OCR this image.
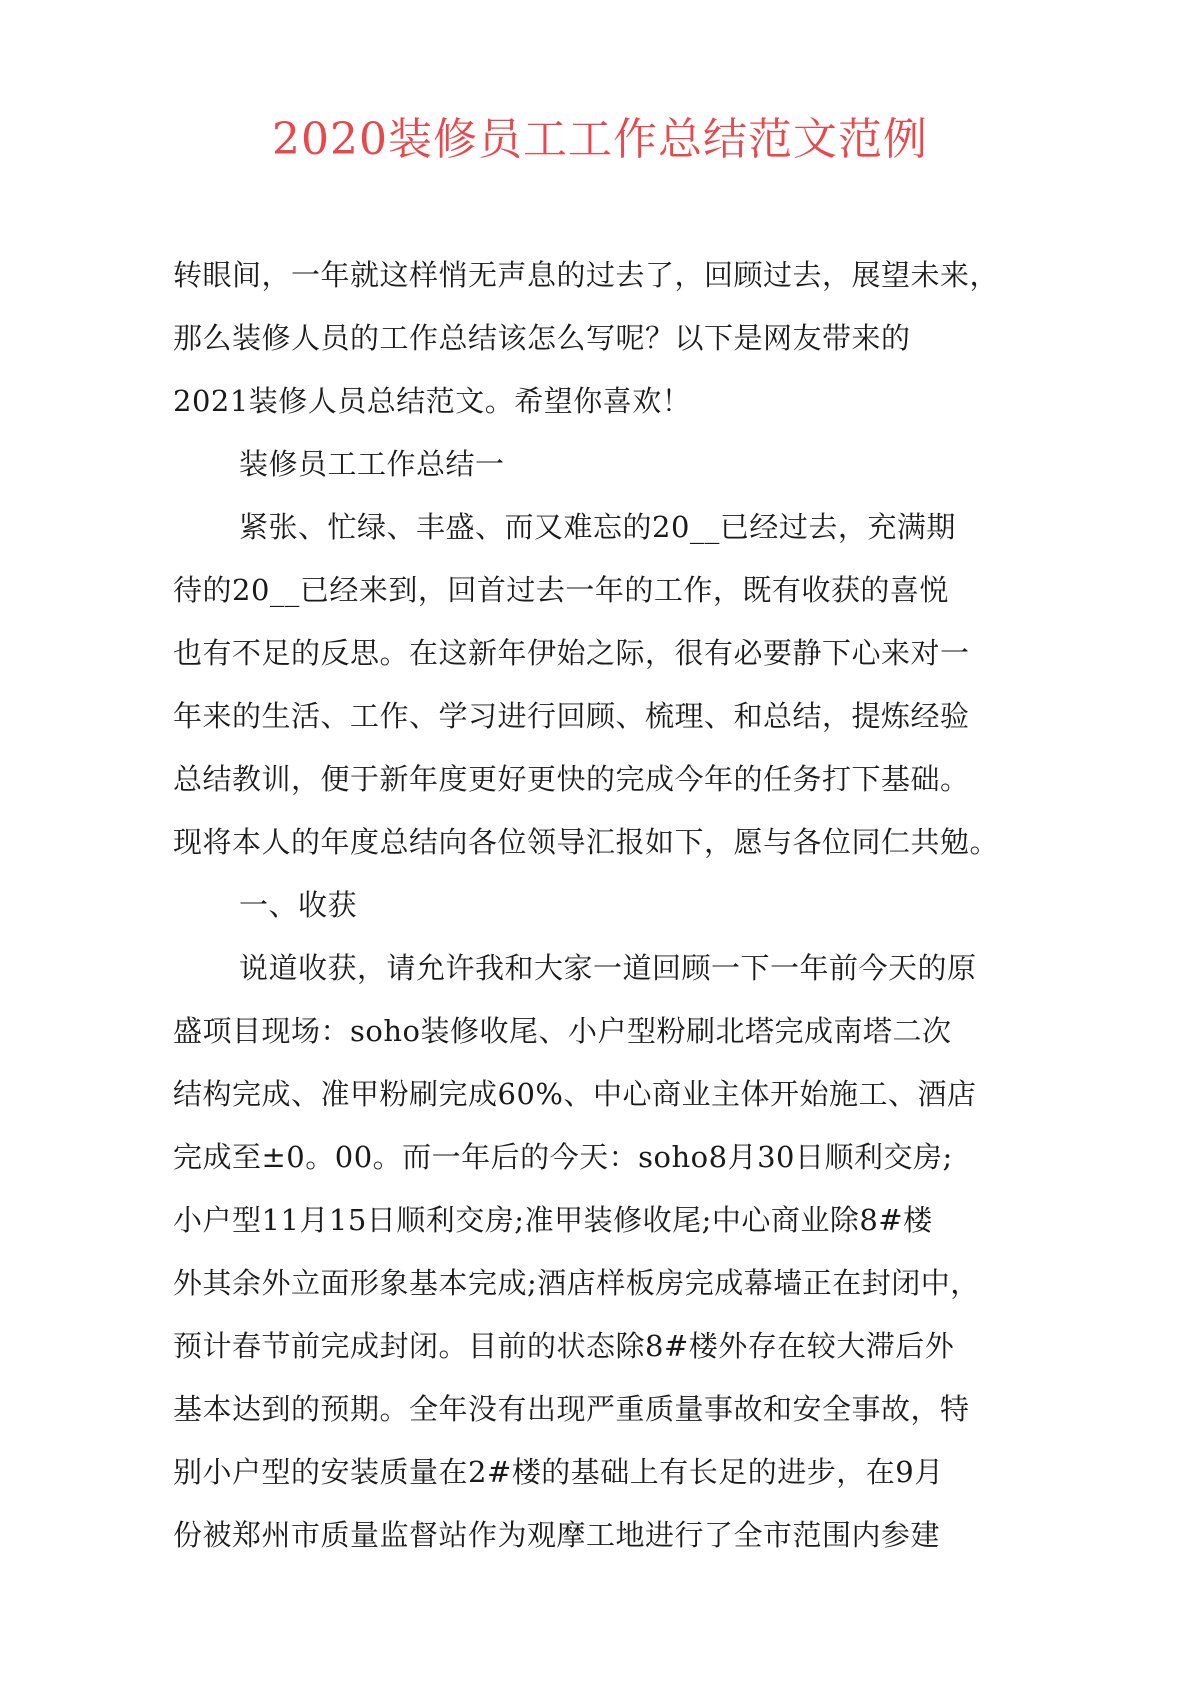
2020装修员工工作总结范文范例
转眼间，一年就这样悄无声息的过去了，回顾过去，展望未来，
那么装修人员的工作总结该怎么写呢？以下是网友带来的
2021装修人员总结范文。希望你喜欢！
装修员工工作总结一
紧张、忙绿、丰盛、而又难忘的20__已经过去，充满期
待的20__已经来到，回首过去一年的工作，既有收获的喜悦
也有不足的反思。在这新年伊始之际，很有必要静下心来对一
年来的生活、工作、学习进行回顾、梳理、和总结，提炼经验
总结教训，便于新年度更好更快的完成今年的任务打下基础。
现将本人的年度总结向各位领导汇报如下，愿与各位同仁共勉。
一、收获
说道收获，请允许我和大家一道回顾一下一年前今天的原
盛项目现场：soho装修收尾、小户型粉刷北塔完成南塔二次
结构完成、准甲粉刷完成60%、中心商业主体开始施工、酒店
完成至±0。00。而一年后的今天：soho8月30日顺利交房;
小户型11月15日顺利交房;准甲装修收尾;中心商业除8#楼
外其余外立面形象基本完成;酒店样板房完成幕墙正在封闭中，
预计春节前完成封闭。目前的状态除8#楼外存在较大滞后外
基本达到的预期。全年没有出现严重质量事故和安全事故，特
别小户型的安装质量在2#楼的基础上有长足的进步，在9月
份被郑州市质量监督站作为观摩工地进行了全市范围内参建
